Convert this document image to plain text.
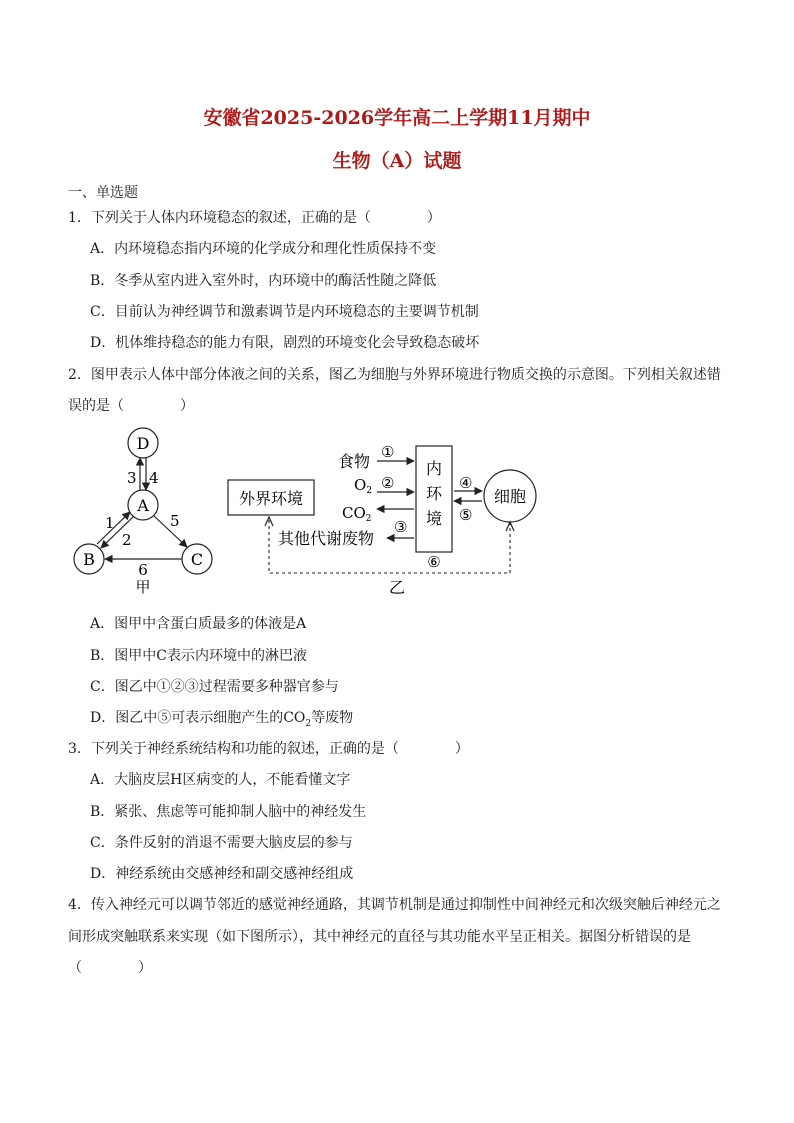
安徽省2025-2026学年高二上学期11月期中
生物（A）试题
一、单选题
1．下列关于人体内环境稳态的叙述，正确的是（　　　　）
A．内环境稳态指内环境的化学成分和理化性质保持不变
B．冬季从室内进入室外时，内环境中的酶活性随之降低
C．目前认为神经调节和激素调节是内环境稳态的主要调节机制
D．机体维持稳态的能力有限，剧烈的环境变化会导致稳态破坏
2．图甲表示人体中部分体液之间的关系，图乙为细胞与外界环境进行物质交换的示意图。下列相关叙述错
误的是（　　　　）
D
A
B	C
3 4
1
2
5
6
甲
外界环境
内
环
境
细胞
食物 ①
$O_2$ ②
$CO_2$ ③
其他代谢废物
④
⑤
⑥
乙
A．图甲中含蛋白质最多的体液是A
B．图甲中C表示内环境中的淋巴液
C．图乙中①②③过程需要多种器官参与
D．图乙中⑤可表示细胞产生的$CO_2$等废物
3．下列关于神经系统结构和功能的叙述，正确的是（　　　　）
A．大脑皮层H区病变的人，不能看懂文字
B．紧张、焦虑等可能抑制人脑中的神经发生
C．条件反射的消退不需要大脑皮层的参与
D．神经系统由交感神经和副交感神经组成
4．传入神经元可以调节邻近的感觉神经通路，其调节机制是通过抑制性中间神经元和次级突触后神经元之
间形成突触联系来实现（如下图所示），其中神经元的直径与其功能水平呈正相关。据图分析错误的是
（　　　　）
